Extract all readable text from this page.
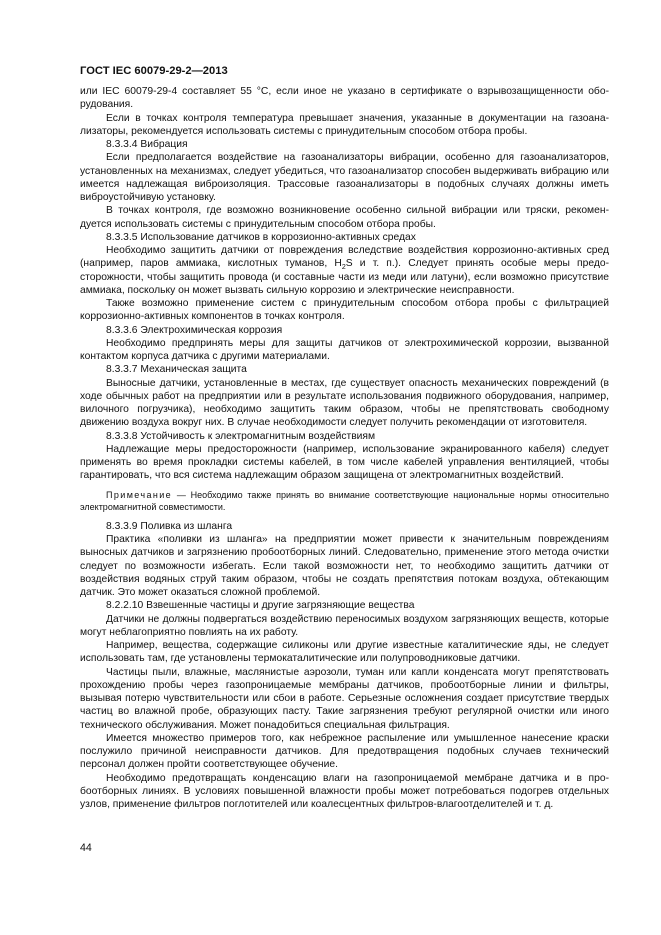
ГОСТ IEC 60079-29-2—2013

или IEC 60079-29-4 составляет 55 °C, если иное не указано в сертификате о взрывозащищенности оборудования.

Если в точках контроля температура превышает значения, указанные в документации на газоанализаторы, рекомендуется использовать системы с принудительным способом отбора пробы.

8.3.3.4 Вибрация

Если предполагается воздействие на газоанализаторы вибрации, особенно для газоанализаторов, установленных на механизмах, следует убедиться, что газоанализатор способен выдерживать вибрацию или имеется надлежащая виброизоляция. Трассовые газоанализаторы в подобных случаях должны иметь виброустойчивую установку.

В точках контроля, где возможно возникновение особенно сильной вибрации или тряски, рекомендуется использовать системы с принудительным способом отбора пробы.

8.3.3.5 Использование датчиков в коррозионно-активных средах

Необходимо защитить датчики от повреждения вследствие воздействия коррозионно-активных сред (например, паров аммиака, кислотных туманов, $H_2S$ и т. п.). Следует принять особые меры предосторожности, чтобы защитить провода (и составные части из меди или латуни), если возможно присутствие аммиака, поскольку он может вызвать сильную коррозию и электрические неисправности.

Также возможно применение систем с принудительным способом отбора пробы с фильтрацией коррозионно-активных компонентов в точках контроля.

8.3.3.6 Электрохимическая коррозия

Необходимо предпринять меры для защиты датчиков от электрохимической коррозии, вызванной контактом корпуса датчика с другими материалами.

8.3.3.7 Механическая защита

Выносные датчики, установленные в местах, где существует опасность механических повреждений (в ходе обычных работ на предприятии или в результате использования подвижного оборудования, например, вилочного погрузчика), необходимо защитить таким образом, чтобы не препятствовать свободному движению воздуха вокруг них. В случае необходимости следует получить рекомендации от изготовителя.

8.3.3.8 Устойчивость к электромагнитным воздействиям

Надлежащие меры предосторожности (например, использование экранированного кабеля) следует применять во время прокладки системы кабелей, в том числе кабелей управления вентиляцией, чтобы гарантировать, что вся система надлежащим образом защищена от электромагнитных воздействий.

Примечание — Необходимо также принять во внимание соответствующие национальные нормы относительно электромагнитной совместимости.

8.3.3.9 Поливка из шланга

Практика «поливки из шланга» на предприятии может привести к значительным повреждениям выносных датчиков и загрязнению пробоотборных линий. Следовательно, применение этого метода очистки следует по возможности избегать. Если такой возможности нет, то необходимо защитить датчики от воздействия водяных струй таким образом, чтобы не создать препятствия потокам воздуха, обтекающим датчик. Это может оказаться сложной проблемой.

8.2.2.10 Взвешенные частицы и другие загрязняющие вещества

Датчики не должны подвергаться воздействию переносимых воздухом загрязняющих веществ, которые могут неблагоприятно повлиять на их работу.

Например, вещества, содержащие силиконы или другие известные каталитические яды, не следует использовать там, где установлены термокаталитические или полупроводниковые датчики.

Частицы пыли, влажные, маслянистые аэрозоли, туман или капли конденсата могут препятствовать прохождению пробы через газопроницаемые мембраны датчиков, пробоотборные линии и фильтры, вызывая потерю чувствительности или сбои в работе. Серьезные осложнения создает присутствие твердых частиц во влажной пробе, образующих пасту. Такие загрязнения требуют регулярной очистки или иного технического обслуживания. Может понадобиться специальная фильтрация.

Имеется множество примеров того, как небрежное распыление или умышленное нанесение краски послужило причиной неисправности датчиков. Для предотвращения подобных случаев технический персонал должен пройти соответствующее обучение.

Необходимо предотвращать конденсацию влаги на газопроницаемой мембране датчика и в пробоотборных линиях. В условиях повышенной влажности пробы может потребоваться подогрев отдельных узлов, применение фильтров поглотителей или коалесцентных фильтров-влагоотделителей и т. д.

44
